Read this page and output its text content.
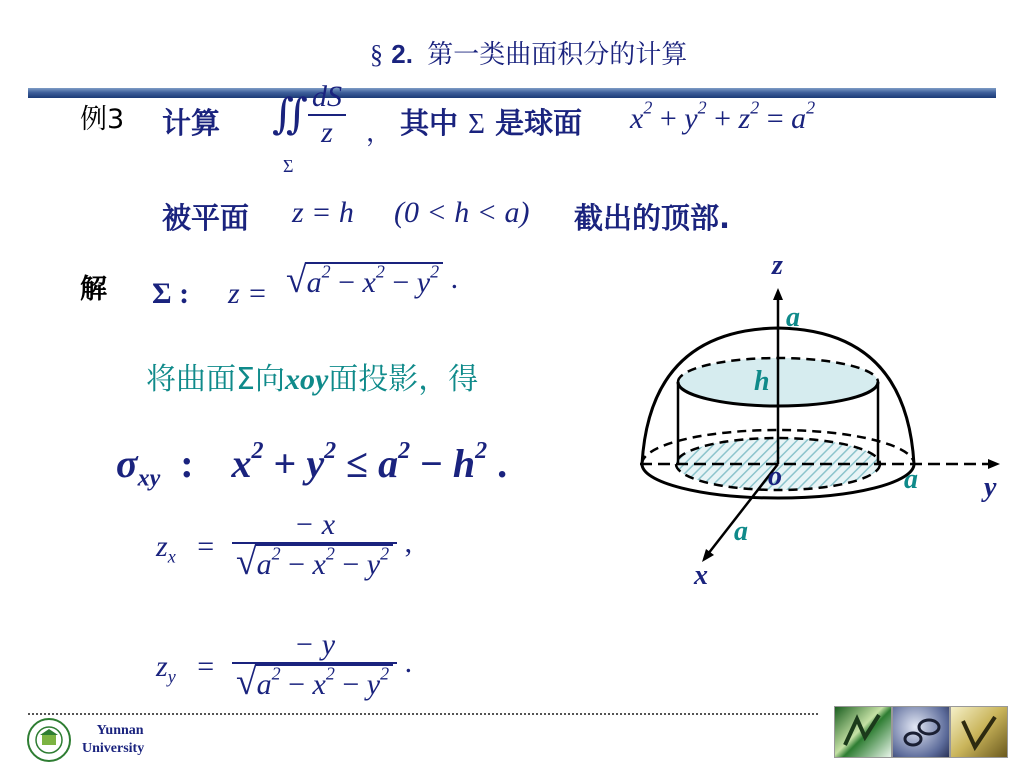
§ 2. 第一类曲面积分的计算
例3 计算 ∬
Σ
$\frac{dS}{z}$ ， 其中 Σ 是球面 $x^2 + y^2 + z^2 = a^2$
被平面 z = h (0 < h < a) 截出的顶部.
解 Σ : z = √ $a^2 - x^2 - y^2$ .
将曲面Σ向xoy面投影，得
$\sigma_{xy}$ : $x^2 + y^2 \le a^2 - h^2$ .
$z_x$ =
− x
√ $a^2 - x^2 - y^2$ ,
$z_y$ =
− y
√ $a^2 - x^2 - y^2$ .
z
a
h
o	a y
a
x
Yunnan
University
